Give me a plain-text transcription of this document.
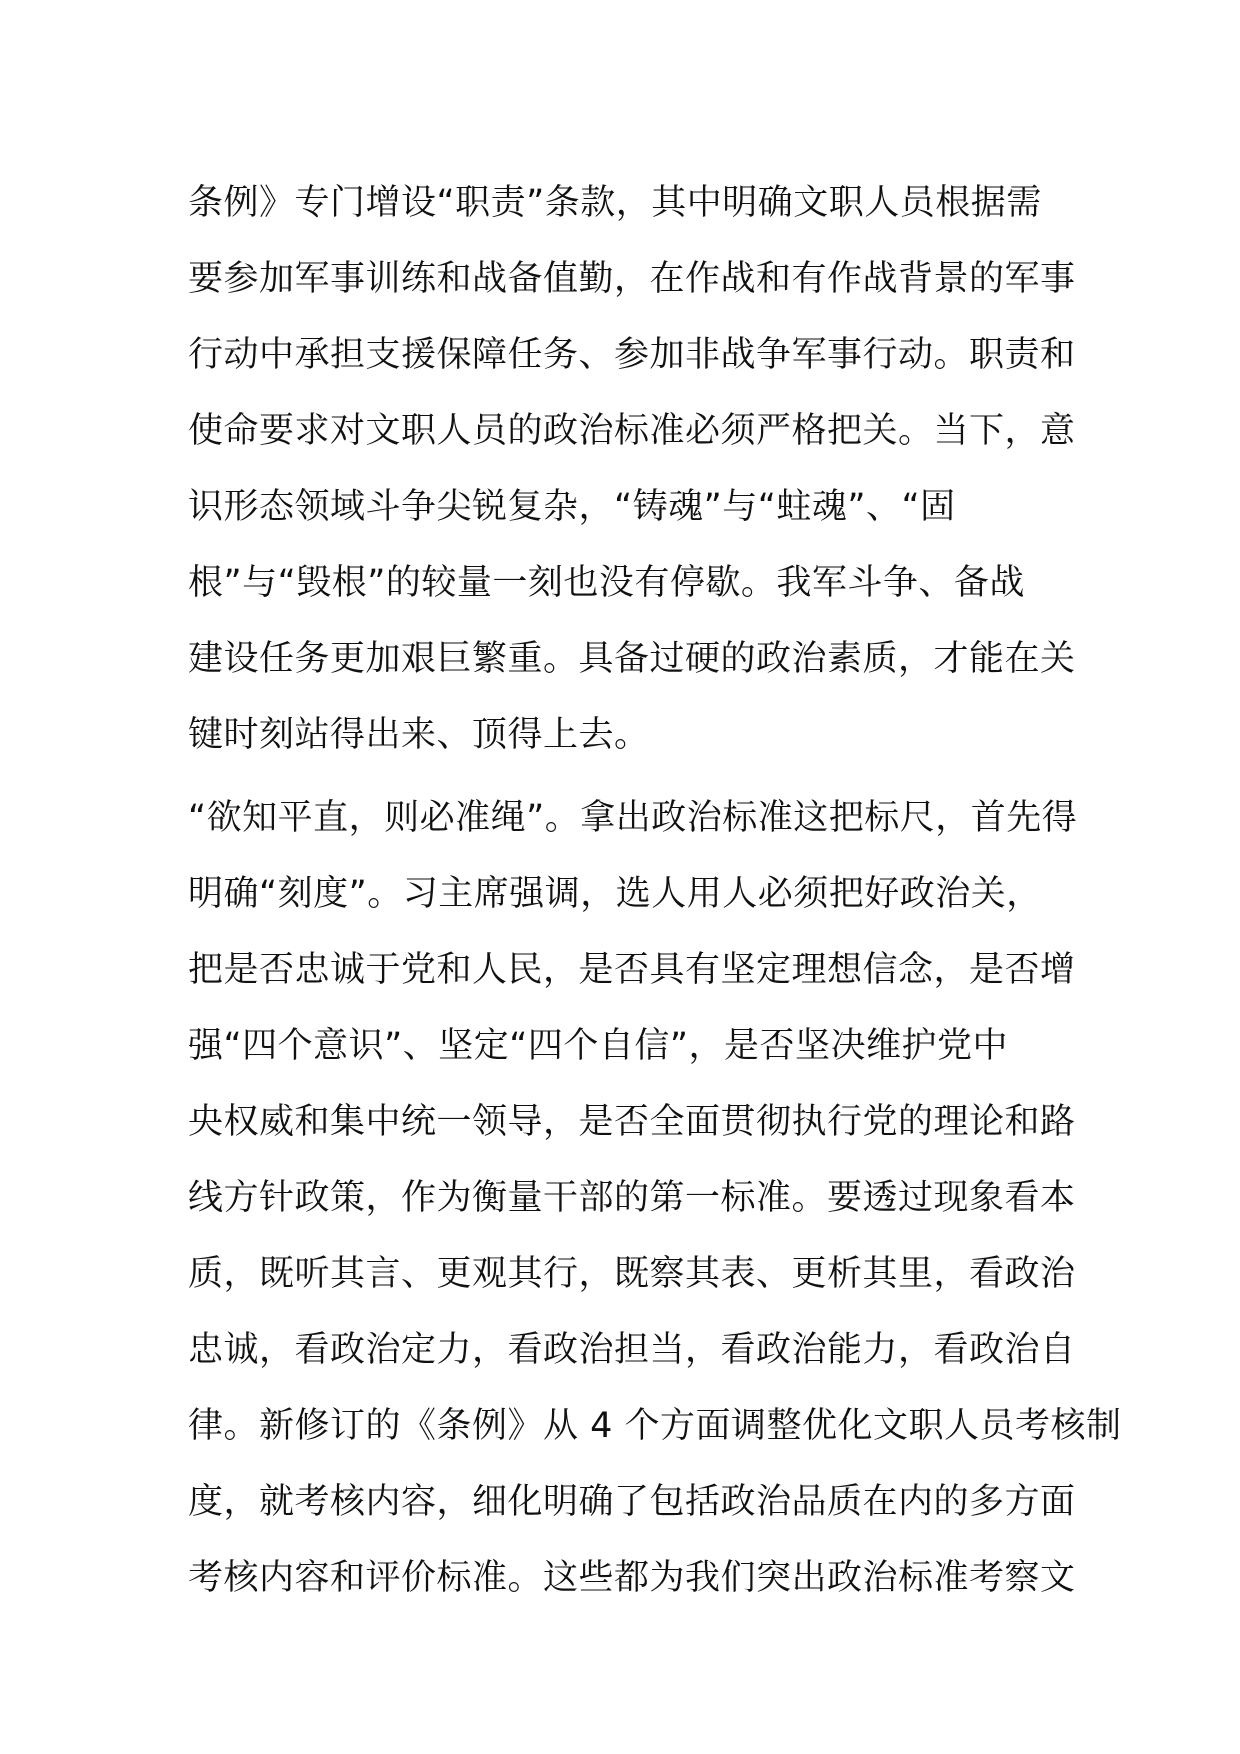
条例》专门增设“职责”条款，其中明确文职人员根据需
要参加军事训练和战备值勤，在作战和有作战背景的军事
行动中承担支援保障任务、参加非战争军事行动。职责和
使命要求对文职人员的政治标准必须严格把关。当下，意
识形态领域斗争尖锐复杂，“铸魂”与“蛀魂”、“固
根”与“毁根”的较量一刻也没有停歇。我军斗争、备战
建设任务更加艰巨繁重。具备过硬的政治素质，才能在关
键时刻站得出来、顶得上去。
“欲知平直，则必准绳”。拿出政治标准这把标尺，首先得
明确“刻度”。习主席强调，选人用人必须把好政治关，
把是否忠诚于党和人民，是否具有坚定理想信念，是否增
强“四个意识”、坚定“四个自信”，是否坚决维护党中
央权威和集中统一领导，是否全面贯彻执行党的理论和路
线方针政策，作为衡量干部的第一标准。要透过现象看本
质，既听其言、更观其行，既察其表、更析其里，看政治
忠诚，看政治定力，看政治担当，看政治能力，看政治自
律。新修订的《条例》从 4 个方面调整优化文职人员考核制
度，就考核内容，细化明确了包括政治品质在内的多方面
考核内容和评价标准。这些都为我们突出政治标准考察文
